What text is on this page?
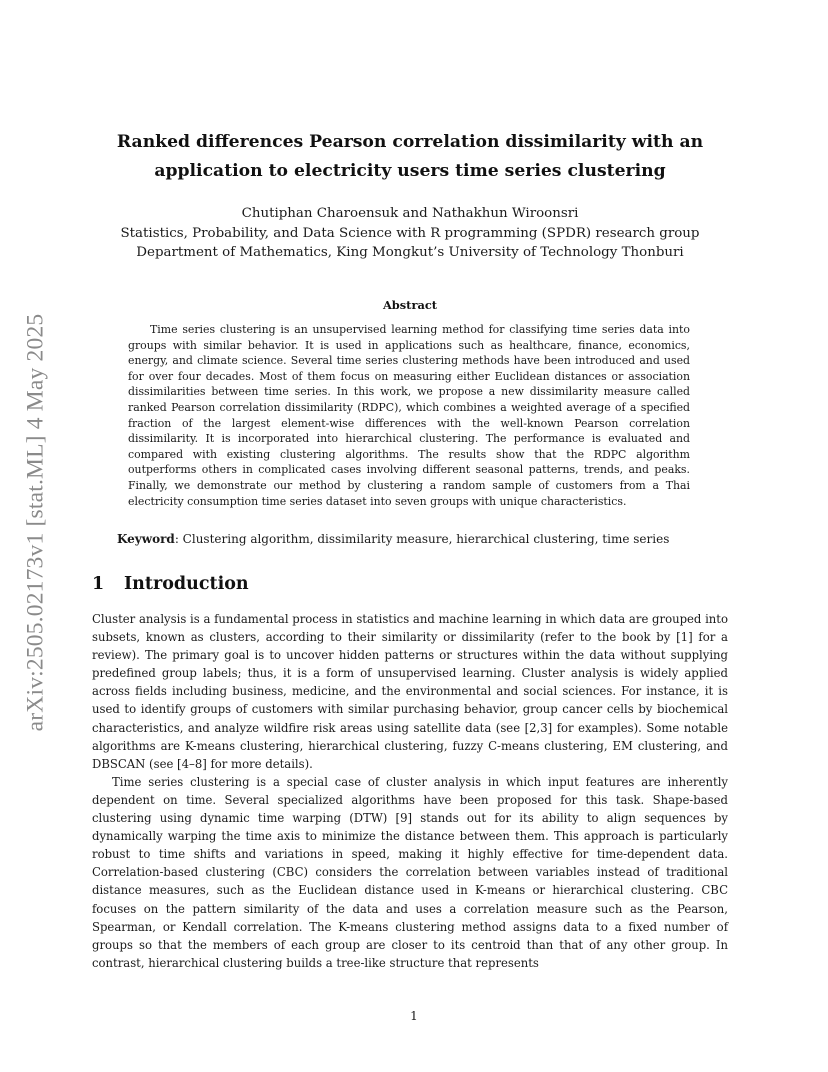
arXiv:2505.02173v1 [stat.ML] 4 May 2025
Ranked differences Pearson correlation dissimilarity with an application to electricity users time series clustering
Chutiphan Charoensuk and Nathakhun Wiroonsri
Statistics, Probability, and Data Science with R programming (SPDR) research group
Department of Mathematics, King Mongkut’s University of Technology Thonburi
Abstract
Time series clustering is an unsupervised learning method for classifying time series data into groups with similar behavior. It is used in applications such as healthcare, finance, economics, energy, and climate science. Several time series clustering methods have been introduced and used for over four decades. Most of them focus on measuring either Euclidean distances or association dissimilarities between time series. In this work, we propose a new dissimilarity measure called ranked Pearson correlation dissimilarity (RDPC), which combines a weighted average of a specified fraction of the largest element-wise differences with the well-known Pearson correlation dissimilarity. It is incorporated into hierarchical clustering. The performance is evaluated and compared with existing clustering algorithms. The results show that the RDPC algorithm outperforms others in complicated cases involving different seasonal patterns, trends, and peaks. Finally, we demonstrate our method by clustering a random sample of customers from a Thai electricity consumption time series dataset into seven groups with unique characteristics.
Keyword: Clustering algorithm, dissimilarity measure, hierarchical clustering, time series
1 Introduction

Cluster analysis is a fundamental process in statistics and machine learning in which data are grouped into subsets, known as clusters, according to their similarity or dissimilarity (refer to the book by [1] for a review). The primary goal is to uncover hidden patterns or structures within the data without supplying predefined group labels; thus, it is a form of unsupervised learning. Cluster analysis is widely applied across fields including business, medicine, and the environmental and social sciences. For instance, it is used to identify groups of customers with similar purchasing behavior, group cancer cells by biochemical characteristics, and analyze wildfire risk areas using satellite data (see [2,3] for examples). Some notable algorithms are K-means clustering, hierarchical clustering, fuzzy C-means clustering, EM clustering, and DBSCAN (see [4–8] for more details).

Time series clustering is a special case of cluster analysis in which input features are inherently dependent on time. Several specialized algorithms have been proposed for this task. Shape-based clustering using dynamic time warping (DTW) [9] stands out for its ability to align sequences by dynamically warping the time axis to minimize the distance between them. This approach is particularly robust to time shifts and variations in speed, making it highly effective for time-dependent data. Correlation-based clustering (CBC) considers the correlation between variables instead of traditional distance measures, such as the Euclidean distance used in K-means or hierarchical clustering. CBC focuses on the pattern similarity of the data and uses a correlation measure such as the Pearson, Spearman, or Kendall correlation. The K-means clustering method assigns data to a fixed number of groups so that the members of each group are closer to its centroid than that of any other group. In contrast, hierarchical clustering builds a tree-like structure that represents

1
